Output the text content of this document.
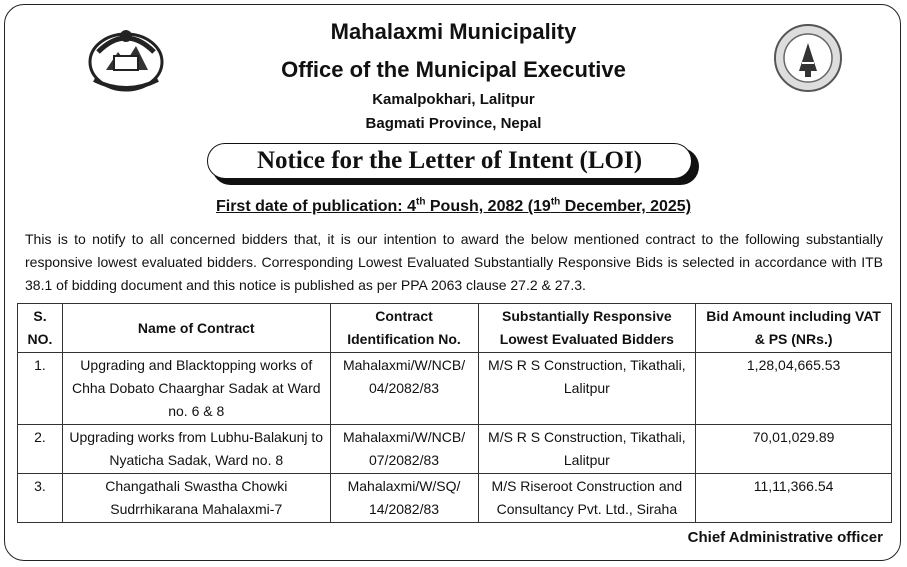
Mahalaxmi Municipality
Office of the Municipal Executive
Kamalpokhari, Lalitpur
Bagmati Province, Nepal
Notice for the Letter of Intent (LOI)
First date of publication: 4th Poush, 2082 (19th December, 2025)
This is to notify to all concerned bidders that, it is our intention to award the below mentioned contract to the following substantially responsive lowest evaluated bidders. Corresponding Lowest Evaluated Substantially Responsive Bids is selected in accordance with ITB 38.1 of bidding document and this notice is published as per PPA 2063 clause 27.2 & 27.3.
S. NO.	Name of Contract	Contract Identification No.	Substantially Responsive Lowest Evaluated Bidders	Bid Amount including VAT & PS (NRs.)
1.	Upgrading and Blacktopping works of Chha Dobato Chaarghar Sadak at Ward no. 6 & 8	Mahalaxmi/W/NCB/ 04/2082/83	M/S R S Construction, Tikathali, Lalitpur	1,28,04,665.53
2.	Upgrading works from Lubhu-Balakunj to Nyaticha Sadak, Ward no. 8	Mahalaxmi/W/NCB/ 07/2082/83	M/S R S Construction, Tikathali, Lalitpur	70,01,029.89
3.	Changathali Swastha Chowki Sudrrhikarana Mahalaxmi-7	Mahalaxmi/W/SQ/ 14/2082/83	M/S Riseroot Construction and Consultancy Pvt. Ltd., Siraha	11,11,366.54
Chief Administrative officer
